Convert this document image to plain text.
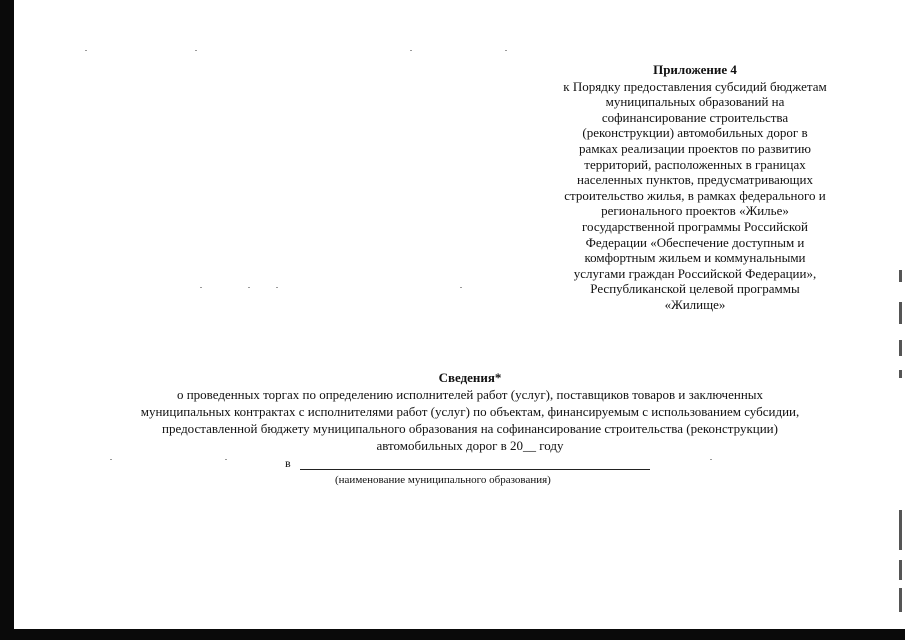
Приложение 4
к Порядку предоставления субсидий бюджетам
муниципальных образований на
софинансирование строительства
(реконструкции) автомобильных дорог в
рамках реализации проектов по развитию
территорий, расположенных в границах
населенных пунктов, предусматривающих
строительство жилья, в рамках федерального и
регионального проектов «Жилье»
государственной программы Российской
Федерации «Обеспечение доступным и
комфортным жильем и коммунальными
услугами граждан Российской Федерации»,
Республиканской целевой программы
«Жилище»
Сведения*
о проведенных торгах по определению исполнителей работ (услуг), поставщиков товаров и заключенных
муниципальных контрактах с исполнителями работ (услуг) по объектам, финансируемым с использованием субсидии,
предоставленной бюджету муниципального образования на софинансирование строительства (реконструкции)
автомобильных дорог в 20__ году
в
(наименование муниципального образования)
